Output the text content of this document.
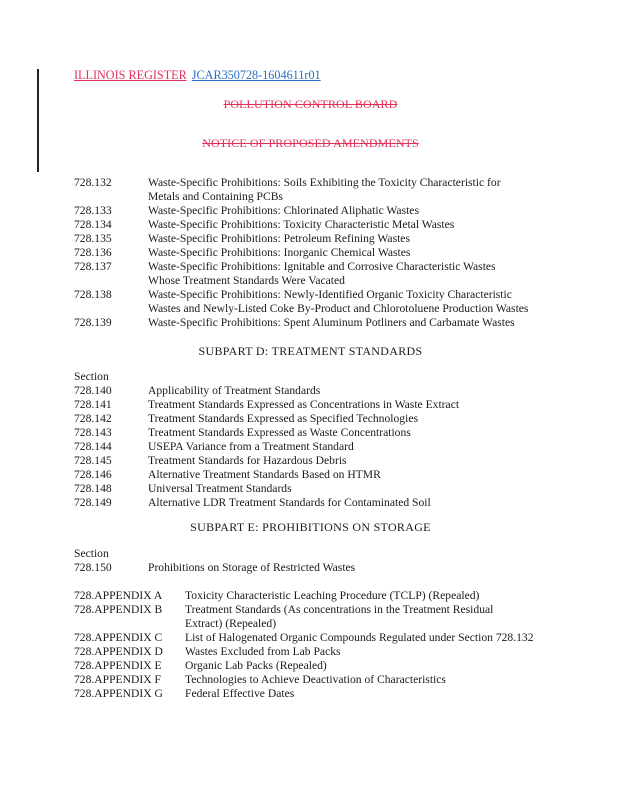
ILLINOIS REGISTER JCAR350728-1604611r01
POLLUTION CONTROL BOARD
NOTICE OF PROPOSED AMENDMENTS
728.132	Waste-Specific Prohibitions: Soils Exhibiting the Toxicity Characteristic for
Metals and Containing PCBs
728.133	Waste-Specific Prohibitions: Chlorinated Aliphatic Wastes
728.134	Waste-Specific Prohibitions: Toxicity Characteristic Metal Wastes
728.135	Waste-Specific Prohibitions: Petroleum Refining Wastes
728.136	Waste-Specific Prohibitions: Inorganic Chemical Wastes
728.137	Waste-Specific Prohibitions: Ignitable and Corrosive Characteristic Wastes
Whose Treatment Standards Were Vacated
728.138	Waste-Specific Prohibitions: Newly-Identified Organic Toxicity Characteristic
Wastes and Newly-Listed Coke By-Product and Chlorotoluene Production Wastes
728.139	Waste-Specific Prohibitions: Spent Aluminum Potliners and Carbamate Wastes
SUBPART D: TREATMENT STANDARDS
Section
728.140	Applicability of Treatment Standards
728.141	Treatment Standards Expressed as Concentrations in Waste Extract
728.142	Treatment Standards Expressed as Specified Technologies
728.143	Treatment Standards Expressed as Waste Concentrations
728.144	USEPA Variance from a Treatment Standard
728.145	Treatment Standards for Hazardous Debris
728.146	Alternative Treatment Standards Based on HTMR
728.148	Universal Treatment Standards
728.149	Alternative LDR Treatment Standards for Contaminated Soil
SUBPART E: PROHIBITIONS ON STORAGE
Section
728.150	Prohibitions on Storage of Restricted Wastes
728.APPENDIX A Toxicity Characteristic Leaching Procedure (TCLP) (Repealed)
728.APPENDIX B Treatment Standards (As concentrations in the Treatment Residual
Extract) (Repealed)
728.APPENDIX C List of Halogenated Organic Compounds Regulated under Section 728.132
728.APPENDIX D Wastes Excluded from Lab Packs
728.APPENDIX E Organic Lab Packs (Repealed)
728.APPENDIX F Technologies to Achieve Deactivation of Characteristics
728.APPENDIX G Federal Effective Dates
